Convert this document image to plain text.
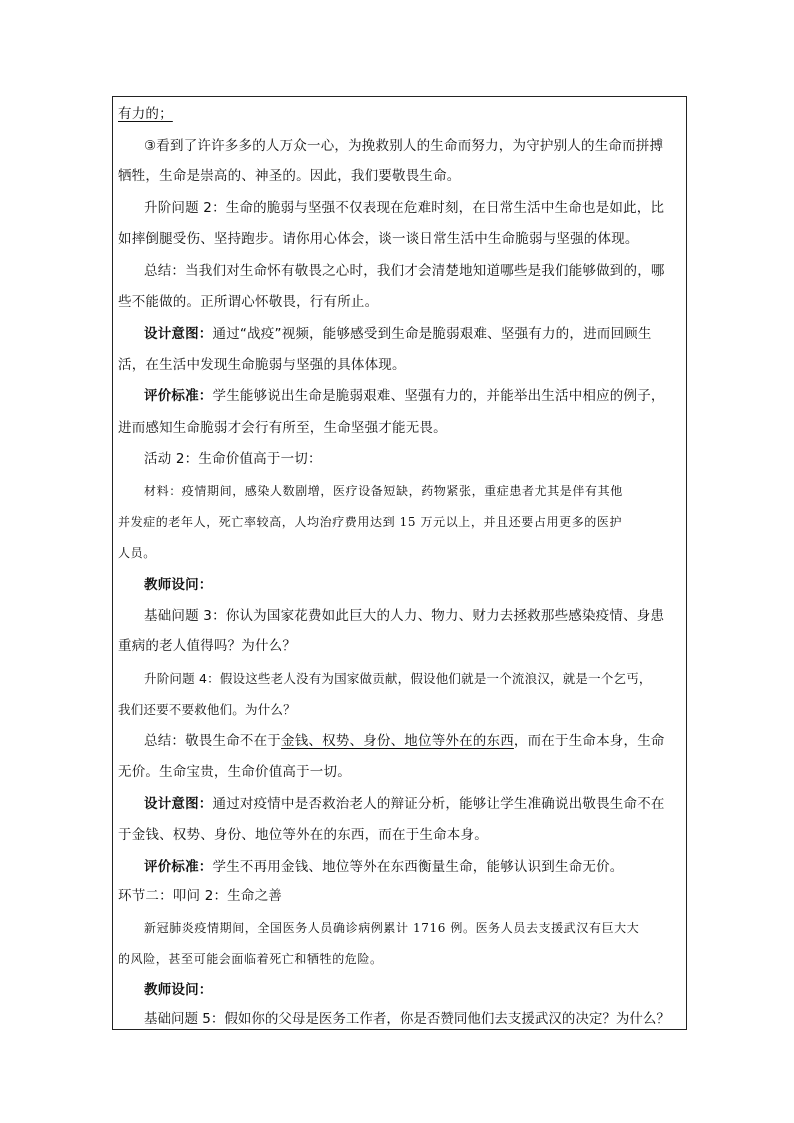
有力的；
③看到了许许多多的人万众一心，为挽救别人的生命而努力，为守护别人的生命而拼搏
牺牲，生命是崇高的、神圣的。因此，我们要敬畏生命。
升阶问题 2：生命的脆弱与坚强不仅表现在危难时刻，在日常生活中生命也是如此，比
如摔倒腿受伤、坚持跑步。请你用心体会，谈一谈日常生活中生命脆弱与坚强的体现。
总结：当我们对生命怀有敬畏之心时，我们才会清楚地知道哪些是我们能够做到的，哪
些不能做的。正所谓心怀敬畏，行有所止。
设计意图：通过“战疫”视频，能够感受到生命是脆弱艰难、坚强有力的，进而回顾生
活，在生活中发现生命脆弱与坚强的具体体现。
评价标准：学生能够说出生命是脆弱艰难、坚强有力的，并能举出生活中相应的例子，
进而感知生命脆弱才会行有所至，生命坚强才能无畏。
活动 2：生命价值高于一切：
材料：疫情期间，感染人数剧增，医疗设备短缺，药物紧张，重症患者尤其是伴有其他
并发症的老年人，死亡率较高，人均治疗费用达到 15 万元以上，并且还要占用更多的医护
人员。
教师设问：
基础问题 3：你认为国家花费如此巨大的人力、物力、财力去拯救那些感染疫情、身患
重病的老人值得吗？为什么？
升阶问题 4：假设这些老人没有为国家做贡献，假设他们就是一个流浪汉，就是一个乞丐，
我们还要不要救他们。为什么？
总结：敬畏生命不在于金钱、权势、身份、地位等外在的东西，而在于生命本身，生命
无价。生命宝贵，生命价值高于一切。
设计意图：通过对疫情中是否救治老人的辩证分析，能够让学生准确说出敬畏生命不在
于金钱、权势、身份、地位等外在的东西，而在于生命本身。
评价标准：学生不再用金钱、地位等外在东西衡量生命，能够认识到生命无价。
环节二：叩问 2：生命之善
新冠肺炎疫情期间，全国医务人员确诊病例累计 1716 例。医务人员去支援武汉有巨大大
的风险，甚至可能会面临着死亡和牺牲的危险。
教师设问：
基础问题 5：假如你的父母是医务工作者，你是否赞同他们去支援武汉的决定？为什么？
